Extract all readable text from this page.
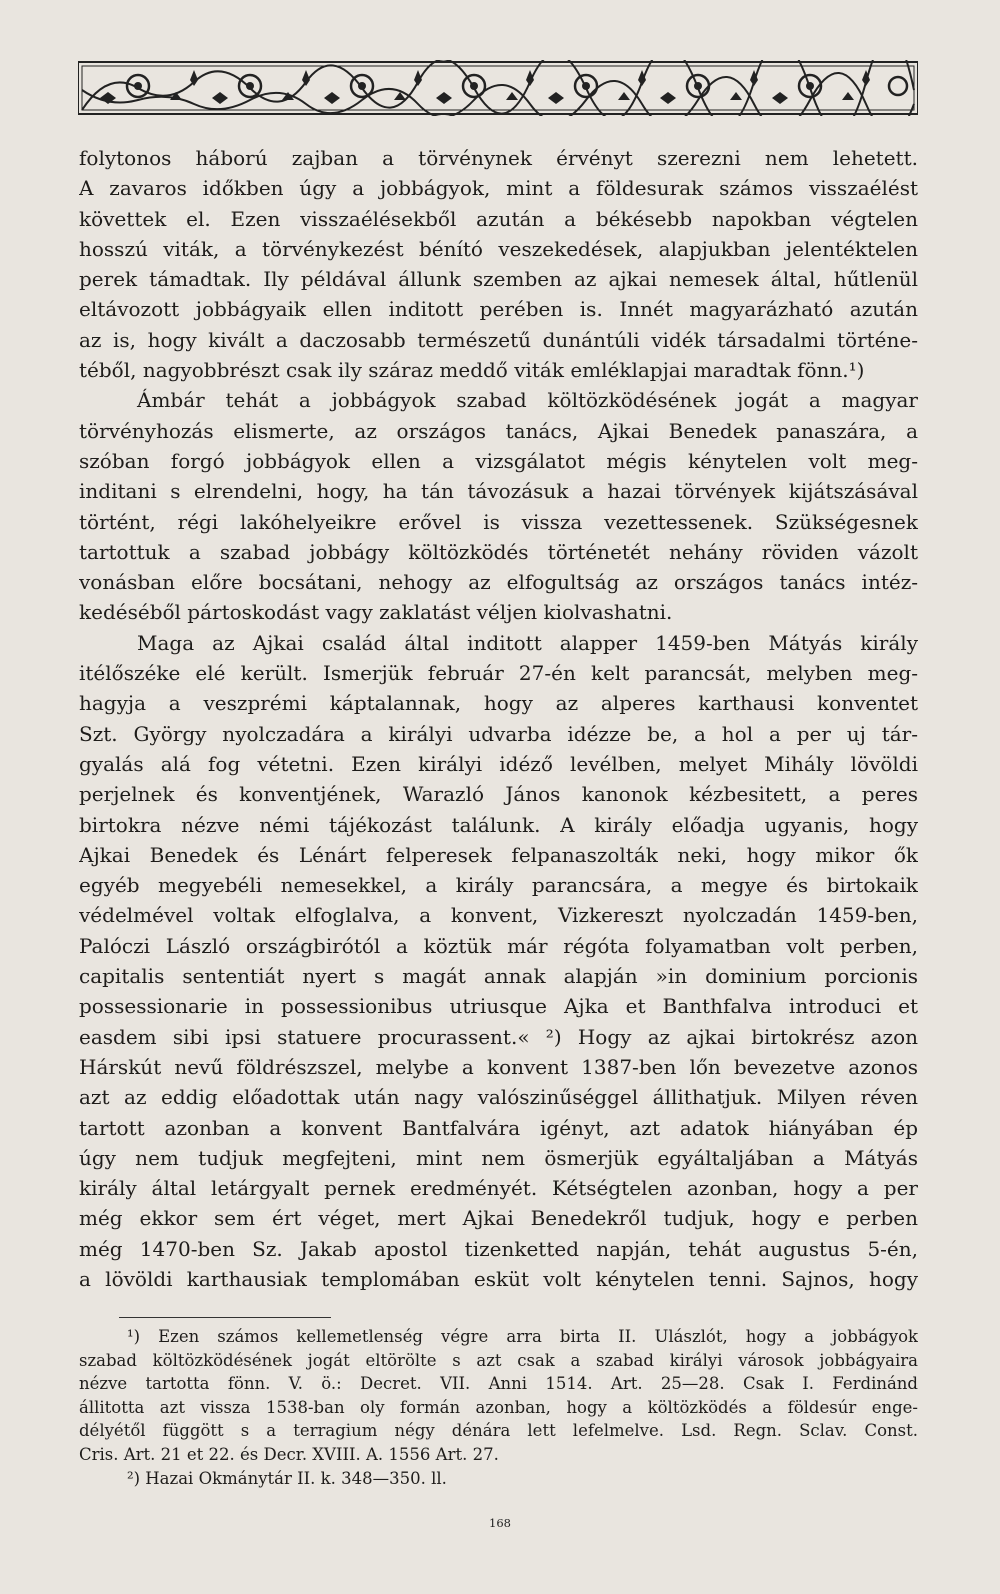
folytonos háború zajban a törvénynek érvényt szerezni nem lehetett.
A zavaros időkben úgy a jobbágyok, mint a földesurak számos visszaélést
követtek el. Ezen visszaélésekből azután a békésebb napokban végtelen
hosszú viták, a törvénykezést bénító veszekedések, alapjukban jelentéktelen
perek támadtak. Ily példával állunk szemben az ajkai nemesek által, hűtlenül
eltávozott jobbágyaik ellen inditott perében is. Innét magyarázható azután
az is, hogy kivált a daczosabb természetű dunántúli vidék társadalmi történe-
téből, nagyobbrészt csak ily száraz meddő viták emléklapjai maradtak fönn.¹)
Ámbár tehát a jobbágyok szabad költözködésének jogát a magyar
törvényhozás elismerte, az országos tanács, Ajkai Benedek panaszára, a
szóban forgó jobbágyok ellen a vizsgálatot mégis kénytelen volt meg-
inditani s elrendelni, hogy, ha tán távozásuk a hazai törvények kijátszásával
történt, régi lakóhelyeikre erővel is vissza vezettessenek. Szükségesnek
tartottuk a szabad jobbágy költözködés történetét nehány röviden vázolt
vonásban előre bocsátani, nehogy az elfogultság az országos tanács intéz-
kedéséből pártoskodást vagy zaklatást véljen kiolvashatni.
Maga az Ajkai család által inditott alapper 1459-ben Mátyás király
itélőszéke elé került. Ismerjük február 27-én kelt parancsát, melyben meg-
hagyja a veszprémi káptalannak, hogy az alperes karthausi konventet
Szt. György nyolczadára a királyi udvarba idézze be, a hol a per uj tár-
gyalás alá fog vétetni. Ezen királyi idéző levélben, melyet Mihály lövöldi
perjelnek és konventjének, Warazló János kanonok kézbesitett, a peres
birtokra nézve némi tájékozást találunk. A király előadja ugyanis, hogy
Ajkai Benedek és Lénárt felperesek felpanaszolták neki, hogy mikor ők
egyéb megyebéli nemesekkel, a király parancsára, a megye és birtokaik
védelmével voltak elfoglalva, a konvent, Vizkereszt nyolczadán 1459-ben,
Palóczi László országbirótól a köztük már régóta folyamatban volt perben,
capitalis sententiát nyert s magát annak alapján »in dominium porcionis
possessionarie in possessionibus utriusque Ajka et Banthfalva introduci et
easdem sibi ipsi statuere procurassent.« ²) Hogy az ajkai birtokrész azon
Hárskút nevű földrészszel, melybe a konvent 1387-ben lőn bevezetve azonos
azt az eddig előadottak után nagy valószinűséggel állithatjuk. Milyen réven
tartott azonban a konvent Bantfalvára igényt, azt adatok hiányában ép
úgy nem tudjuk megfejteni, mint nem ösmerjük egyáltaljában a Mátyás
király által letárgyalt pernek eredményét. Kétségtelen azonban, hogy a per
még ekkor sem ért véget, mert Ajkai Benedekről tudjuk, hogy e perben
még 1470-ben Sz. Jakab apostol tizenketted napján, tehát augustus 5-én,
a lövöldi karthausiak templomában esküt volt kénytelen tenni. Sajnos, hogy
¹) Ezen számos kellemetlenség végre arra birta II. Ulászlót, hogy a jobbágyok
szabad költözködésének jogát eltörölte s azt csak a szabad királyi városok jobbágyaira
nézve tartotta fönn. V. ö.: Decret. VII. Anni 1514. Art. 25—28. Csak I. Ferdinánd
állitotta azt vissza 1538-ban oly formán azonban, hogy a költözködés a földesúr enge-
délyétől függött s a terragium négy dénára lett lefelmelve. Lsd. Regn. Sclav. Const.
Cris. Art. 21 et 22. és Decr. XVIII. A. 1556 Art. 27.
²) Hazai Okmánytár II. k. 348—350. ll.
168
